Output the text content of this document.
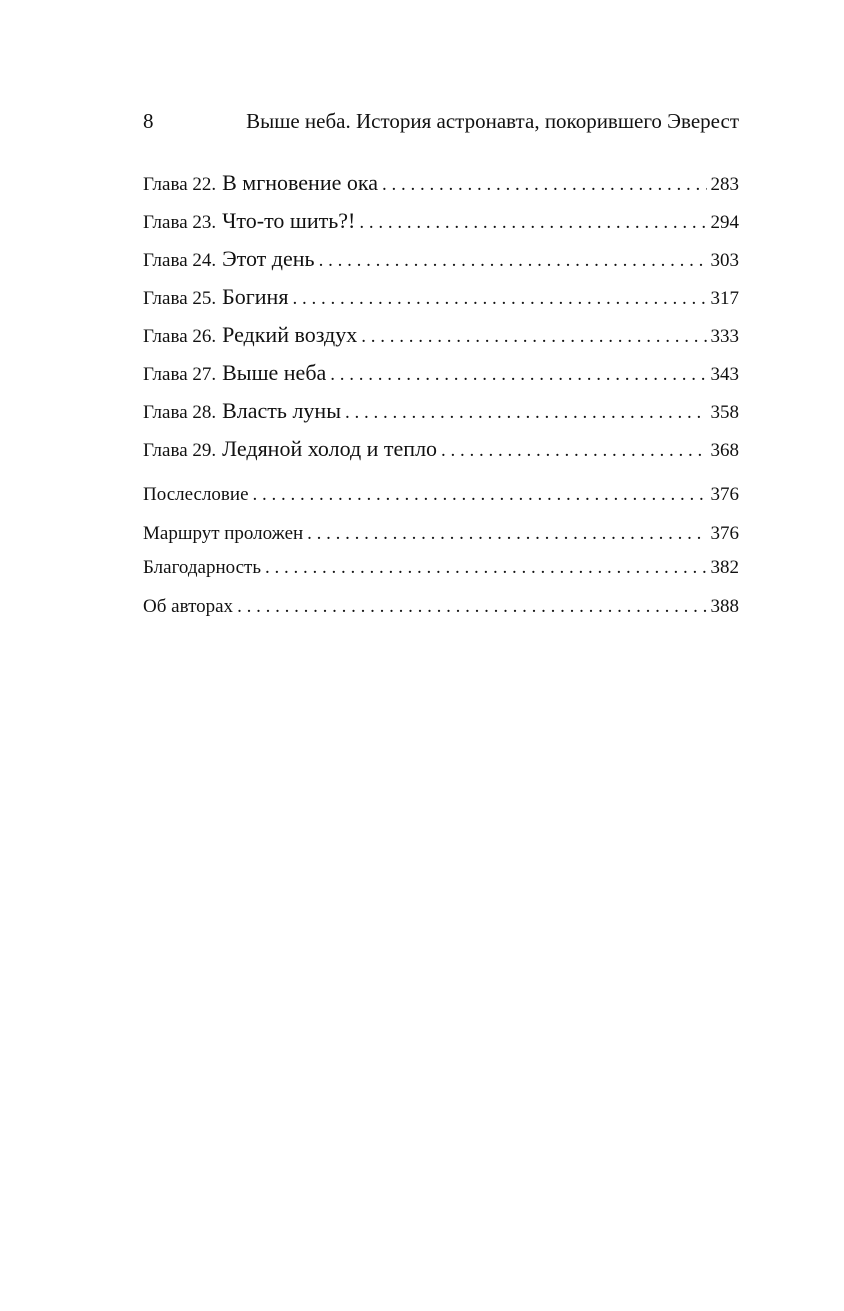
8	Выше неба. История астронавта, покорившего Эверест
Глава 22. В мгновение ока . . .	283
Глава 23. Что-то шить?! . . .	294
Глава 24. Этот день . . .	303
Глава 25. Богиня . . .	317
Глава 26. Редкий воздух . . .	333
Глава 27. Выше неба . . .	343
Глава 28. Власть луны . . .	358
Глава 29. Ледяной холод и тепло . . .	368
Послесловие . . .	376
Маршрут проложен . . .	376
Благодарность . . .	382
Об авторах . . .	388
